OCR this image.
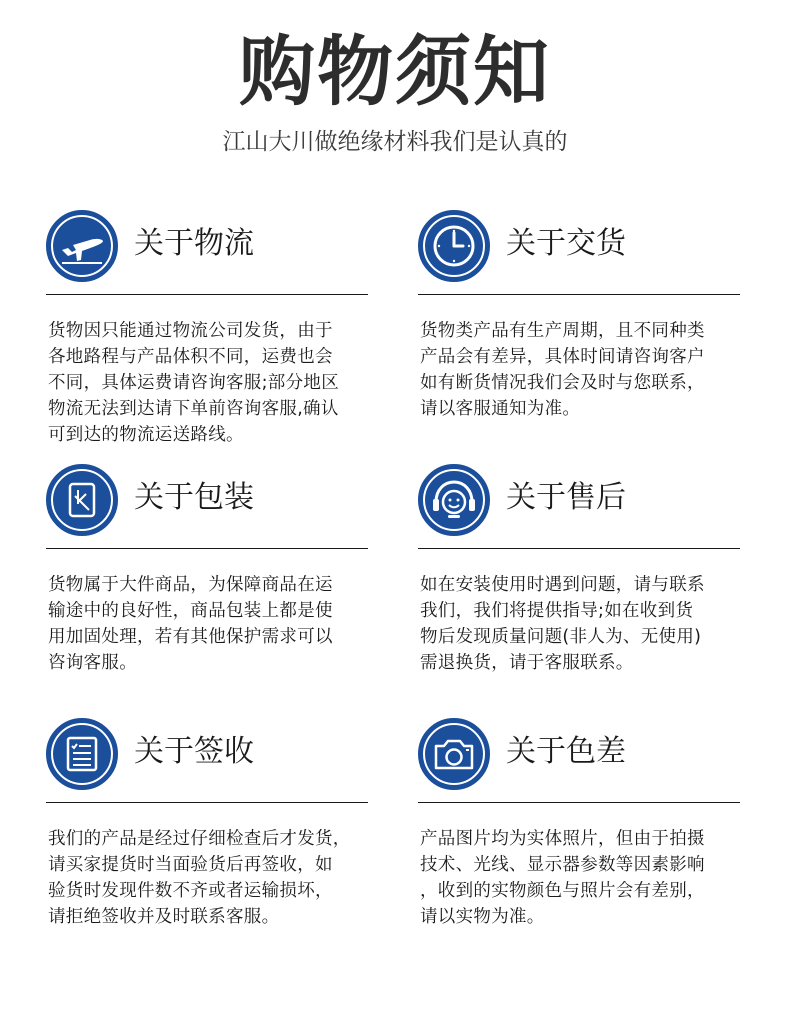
购物须知
江山大川做绝缘材料我们是认真的
关于物流
货物因只能通过物流公司发货，由于
各地路程与产品体积不同，运费也会
不同，具体运费请咨询客服;部分地区
物流无法到达请下单前咨询客服,确认
可到达的物流运送路线。
关于交货
货物类产品有生产周期，且不同种类
产品会有差异，具体时间请咨询客户
如有断货情况我们会及时与您联系，
请以客服通知为准。
关于包装
货物属于大件商品，为保障商品在运
输途中的良好性，商品包装上都是使
用加固处理，若有其他保护需求可以
咨询客服。
关于售后
如在安装使用时遇到问题，请与联系
我们，我们将提供指导;如在收到货
物后发现质量问题(非人为、无使用)
需退换货，请于客服联系。
关于签收
我们的产品是经过仔细检查后才发货，
请买家提货时当面验货后再签收，如
验货时发现件数不齐或者运输损坏，
请拒绝签收并及时联系客服。
关于色差
产品图片均为实体照片，但由于拍摄
技术、光线、显示器参数等因素影响
，收到的实物颜色与照片会有差别，
请以实物为准。
